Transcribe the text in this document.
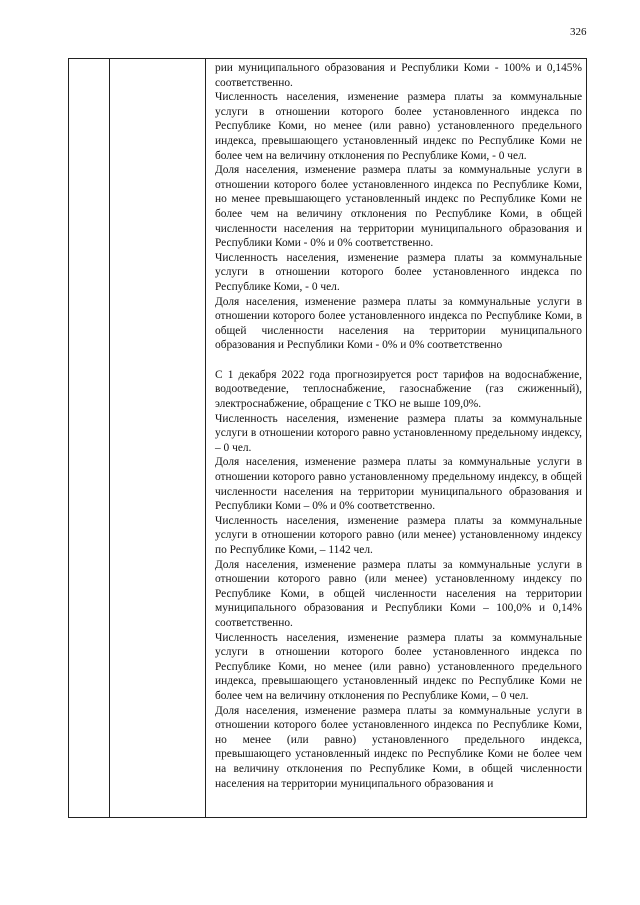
326

рии муниципального образования и Республики Коми - 100% и 0,145% соответственно.

Численность населения, изменение размера платы за коммунальные услуги в отношении которого более установленного индекса по Республике Коми, но менее (или равно) установленного предельного индекса, превышающего установленный индекс по Республике Коми не более чем на величину отклонения по Республике Коми, - 0 чел.

Доля населения, изменение размера платы за коммунальные услуги в отношении которого более установленного индекса по Республике Коми, но менее превышающего установленный индекс по Республике Коми не более чем на величину отклонения по Республике Коми, в общей численности населения на территории муниципального образования и Республики Коми - 0% и 0% соответственно.

Численность населения, изменение размера платы за коммунальные услуги в отношении которого более установленного индекса по Республике Коми, - 0 чел.

Доля населения, изменение размера платы за коммунальные услуги в отношении которого более установленного индекса по Республике Коми, в общей численности населения на территории муниципального образования и Республики Коми - 0% и 0% соответственно

С 1 декабря 2022 года прогнозируется рост тарифов на водоснабжение, водоотведение, теплоснабжение, газоснабжение (газ сжиженный), электроснабжение, обращение с ТКО не выше 109,0%.

Численность населения, изменение размера платы за коммунальные услуги в отношении которого равно установленному предельному индексу, – 0 чел.

Доля населения, изменение размера платы за коммунальные услуги в отношении которого равно установленному предельному индексу, в общей численности населения на территории муниципального образования и Республики Коми – 0% и 0% соответственно.

Численность населения, изменение размера платы за коммунальные услуги в отношении которого равно (или менее) установленному индексу по Республике Коми, – 1142 чел.

Доля населения, изменение размера платы за коммунальные услуги в отношении которого равно (или менее) установленному индексу по Республике Коми, в общей численности населения на территории муниципального образования и Республики Коми – 100,0% и 0,14% соответственно.

Численность населения, изменение размера платы за коммунальные услуги в отношении которого более установленного индекса по Республике Коми, но менее (или равно) установленного предельного индекса, превышающего установленный индекс по Республике Коми не более чем на величину отклонения по Республике Коми, – 0 чел.

Доля населения, изменение размера платы за коммунальные услуги в отношении которого более установленного индекса по Республике Коми, но менее (или равно) установленного предельного индекса, превышающего установленный индекс по Республике Коми не более чем на величину отклонения по Республике Коми, в общей численности населения на территории муниципального образования и
